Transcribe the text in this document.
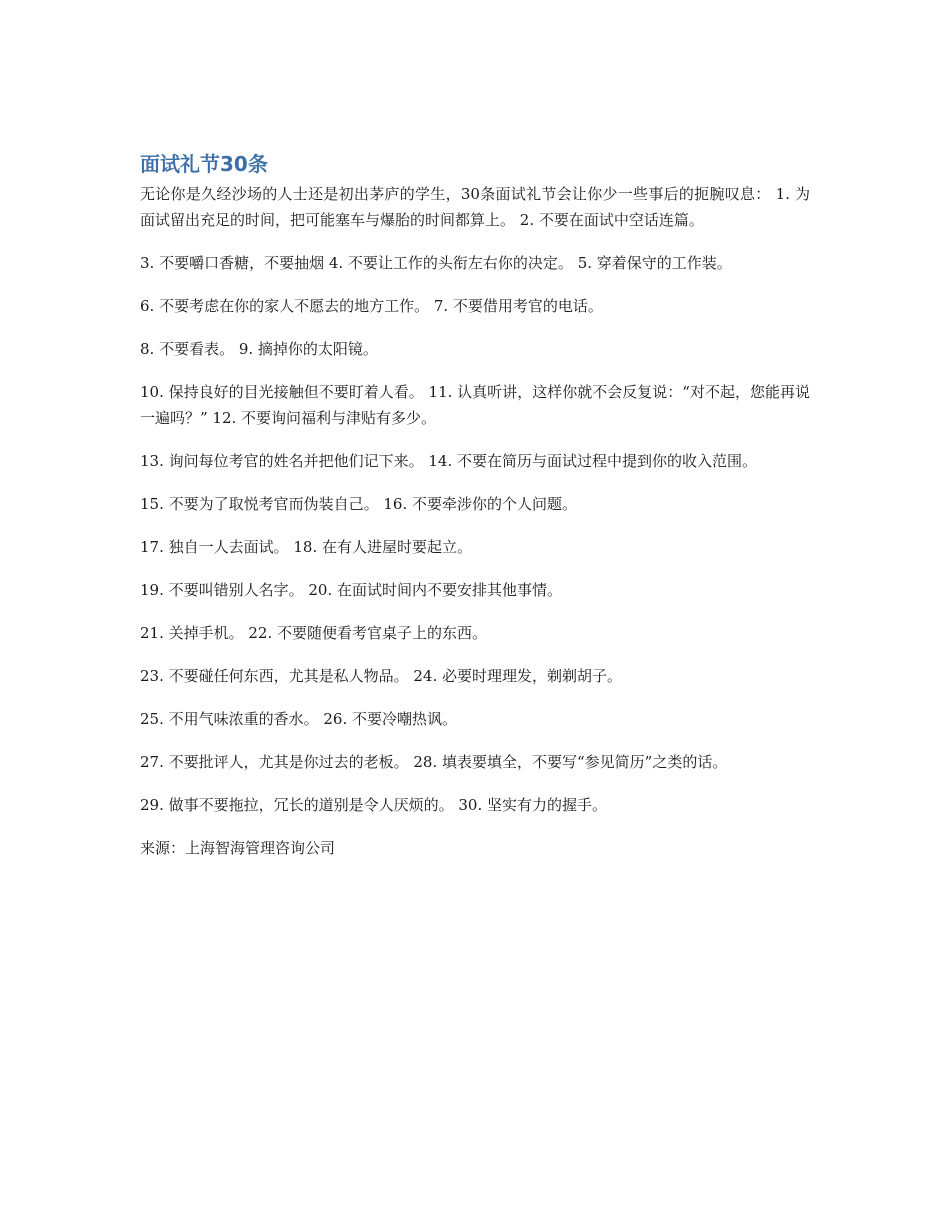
面试礼节30条

无论你是久经沙场的人士还是初出茅庐的学生，30条面试礼节会让你少一些事后的扼腕叹息： 1. 为面试留出充足的时间，把可能塞车与爆胎的时间都算上。 2. 不要在面试中空话连篇。

3. 不要嚼口香糖，不要抽烟 4. 不要让工作的头衔左右你的决定。 5. 穿着保守的工作装。

6. 不要考虑在你的家人不愿去的地方工作。 7. 不要借用考官的电话。

8. 不要看表。 9. 摘掉你的太阳镜。

10. 保持良好的目光接触但不要盯着人看。 11. 认真听讲，这样你就不会反复说：“对不起，您能再说一遍吗？” 12. 不要询问福利与津贴有多少。

13. 询问每位考官的姓名并把他们记下来。 14. 不要在简历与面试过程中提到你的收入范围。

15. 不要为了取悦考官而伪装自己。 16. 不要牵涉你的个人问题。

17. 独自一人去面试。 18. 在有人进屋时要起立。

19. 不要叫错别人名字。 20. 在面试时间内不要安排其他事情。

21. 关掉手机。 22. 不要随便看考官桌子上的东西。

23. 不要碰任何东西，尤其是私人物品。 24. 必要时理理发，剃剃胡子。

25. 不用气味浓重的香水。 26. 不要冷嘲热讽。

27. 不要批评人，尤其是你过去的老板。 28. 填表要填全，不要写“参见简历”之类的话。

29. 做事不要拖拉，冗长的道别是令人厌烦的。 30. 坚实有力的握手。

来源：上海智海管理咨询公司
